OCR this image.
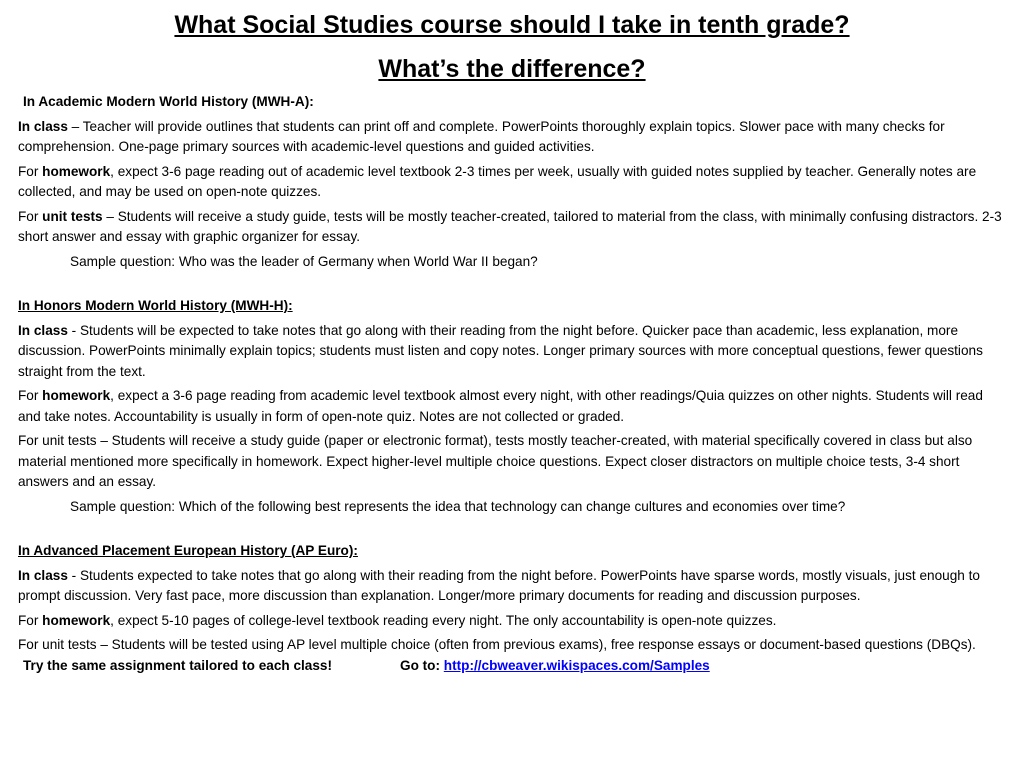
What Social Studies course should I take in tenth grade?
What’s the difference?

In Academic Modern World History (MWH-A):

In class – Teacher will provide outlines that students can print off and complete. PowerPoints thoroughly explain topics. Slower pace with many checks for comprehension. One-page primary sources with academic-level questions and guided activities.

For homework, expect 3-6 page reading out of academic level textbook 2-3 times per week, usually with guided notes supplied by teacher. Generally notes are collected, and may be used on open-note quizzes.

For unit tests – Students will receive a study guide, tests will be mostly teacher-created, tailored to material from the class, with minimally confusing distractors. 2-3 short answer and essay with graphic organizer for essay.

Sample question: Who was the leader of Germany when World War II began?

In Honors Modern World History (MWH-H):

In class - Students will be expected to take notes that go along with their reading from the night before. Quicker pace than academic, less explanation, more discussion. PowerPoints minimally explain topics; students must listen and copy notes. Longer primary sources with more conceptual questions, fewer questions straight from the text.

For homework, expect a 3-6 page reading from academic level textbook almost every night, with other readings/Quia quizzes on other nights. Students will read and take notes. Accountability is usually in form of open-note quiz. Notes are not collected or graded.

For unit tests – Students will receive a study guide (paper or electronic format), tests mostly teacher-created, with material specifically covered in class but also material mentioned more specifically in homework. Expect higher-level multiple choice questions. Expect closer distractors on multiple choice tests, 3-4 short answers and an essay.

Sample question: Which of the following best represents the idea that technology can change cultures and economies over time?

In Advanced Placement European History (AP Euro):

In class - Students expected to take notes that go along with their reading from the night before. PowerPoints have sparse words, mostly visuals, just enough to prompt discussion. Very fast pace, more discussion than explanation. Longer/more primary documents for reading and discussion purposes.

For homework, expect 5-10 pages of college-level textbook reading every night. The only accountability is open-note quizzes.

For unit tests – Students will be tested using AP level multiple choice (often from previous exams), free response essays or document-based questions (DBQs).

Try the same assignment tailored to each class!	Go to: http://cbweaver.wikispaces.com/Samples
